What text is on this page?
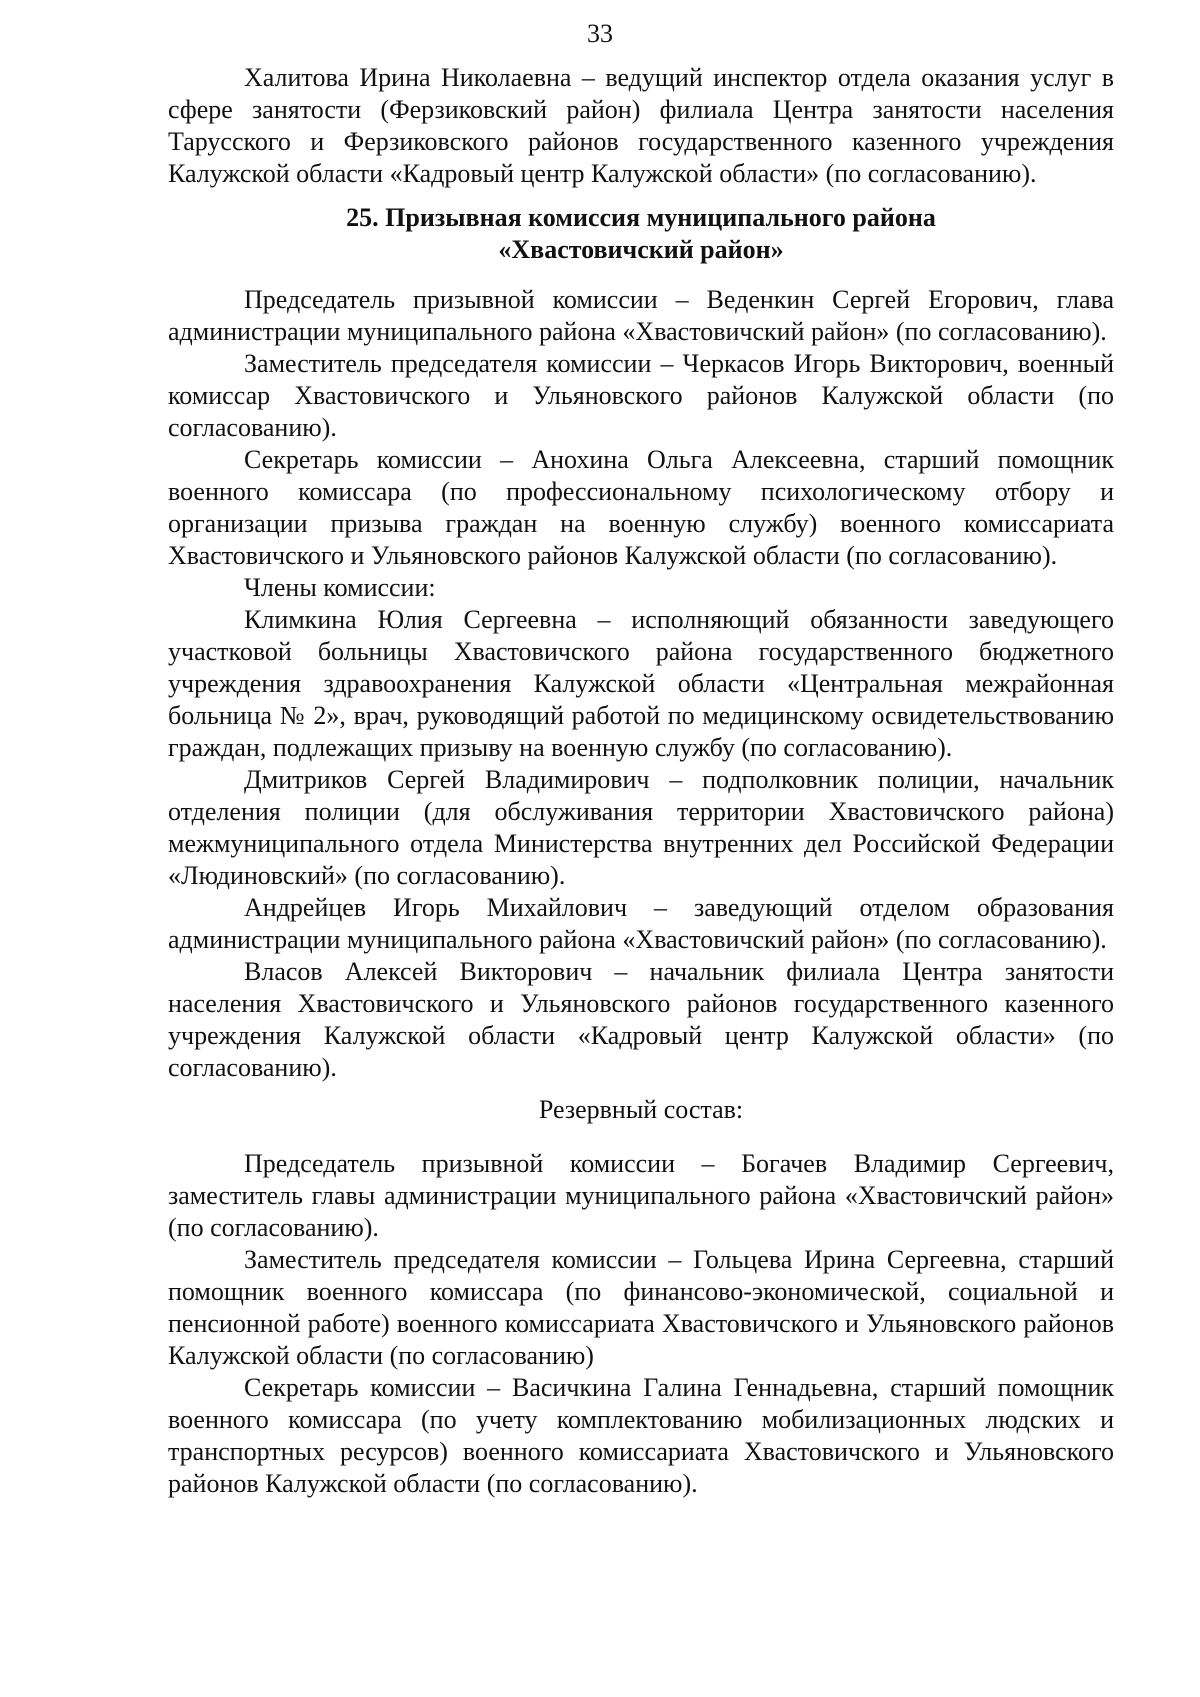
33

Халитова Ирина Николаевна – ведущий инспектор отдела оказания услуг в сфере занятости (Ферзиковский район) филиала Центра занятости населения Тарусского и Ферзиковского районов государственного казенного учреждения Калужской области «Кадровый центр Калужской области» (по согласованию).

25. Призывная комиссия муниципального района

«Хвастовичский район»

Председатель призывной комиссии – Веденкин Сергей Егорович, глава администрации муниципального района «Хвастовичский район» (по согласованию).

Заместитель председателя комиссии – Черкасов Игорь Викторович, военный комиссар Хвастовичского и Ульяновского районов Калужской области (по согласованию).

Секретарь комиссии – Анохина Ольга Алексеевна, старший помощник военного комиссара (по профессиональному психологическому отбору и организации призыва граждан на военную службу) военного комиссариата Хвастовичского и Ульяновского районов Калужской области (по согласованию).

Члены комиссии:

Климкина Юлия Сергеевна – исполняющий обязанности заведующего участковой больницы Хвастовичского района государственного бюджетного учреждения здравоохранения Калужской области «Центральная межрайонная больница № 2», врач, руководящий работой по медицинскому освидетельствованию граждан, подлежащих призыву на военную службу (по согласованию).

Дмитриков Сергей Владимирович – подполковник полиции, начальник отделения полиции (для обслуживания территории Хвастовичского района) межмуниципального отдела Министерства внутренних дел Российской Федерации «Людиновский» (по согласованию).

Андрейцев Игорь Михайлович – заведующий отделом образования администрации муниципального района «Хвастовичский район» (по согласованию).

Власов Алексей Викторович – начальник филиала Центра занятости населения Хвастовичского и Ульяновского районов государственного казенного учреждения Калужской области «Кадровый центр Калужской области» (по согласованию).

Резервный состав:

Председатель призывной комиссии – Богачев Владимир Сергеевич, заместитель главы администрации муниципального района «Хвастовичский район» (по согласованию).

Заместитель председателя комиссии – Гольцева Ирина Сергеевна, старший помощник военного комиссара (по финансово-экономической, социальной и пенсионной работе) военного комиссариата Хвастовичского и Ульяновского районов Калужской области (по согласованию)

Секретарь комиссии – Васичкина Галина Геннадьевна, старший помощник военного комиссара (по учету комплектованию мобилизационных людских и транспортных ресурсов) военного комиссариата Хвастовичского и Ульяновского районов Калужской области (по согласованию).
